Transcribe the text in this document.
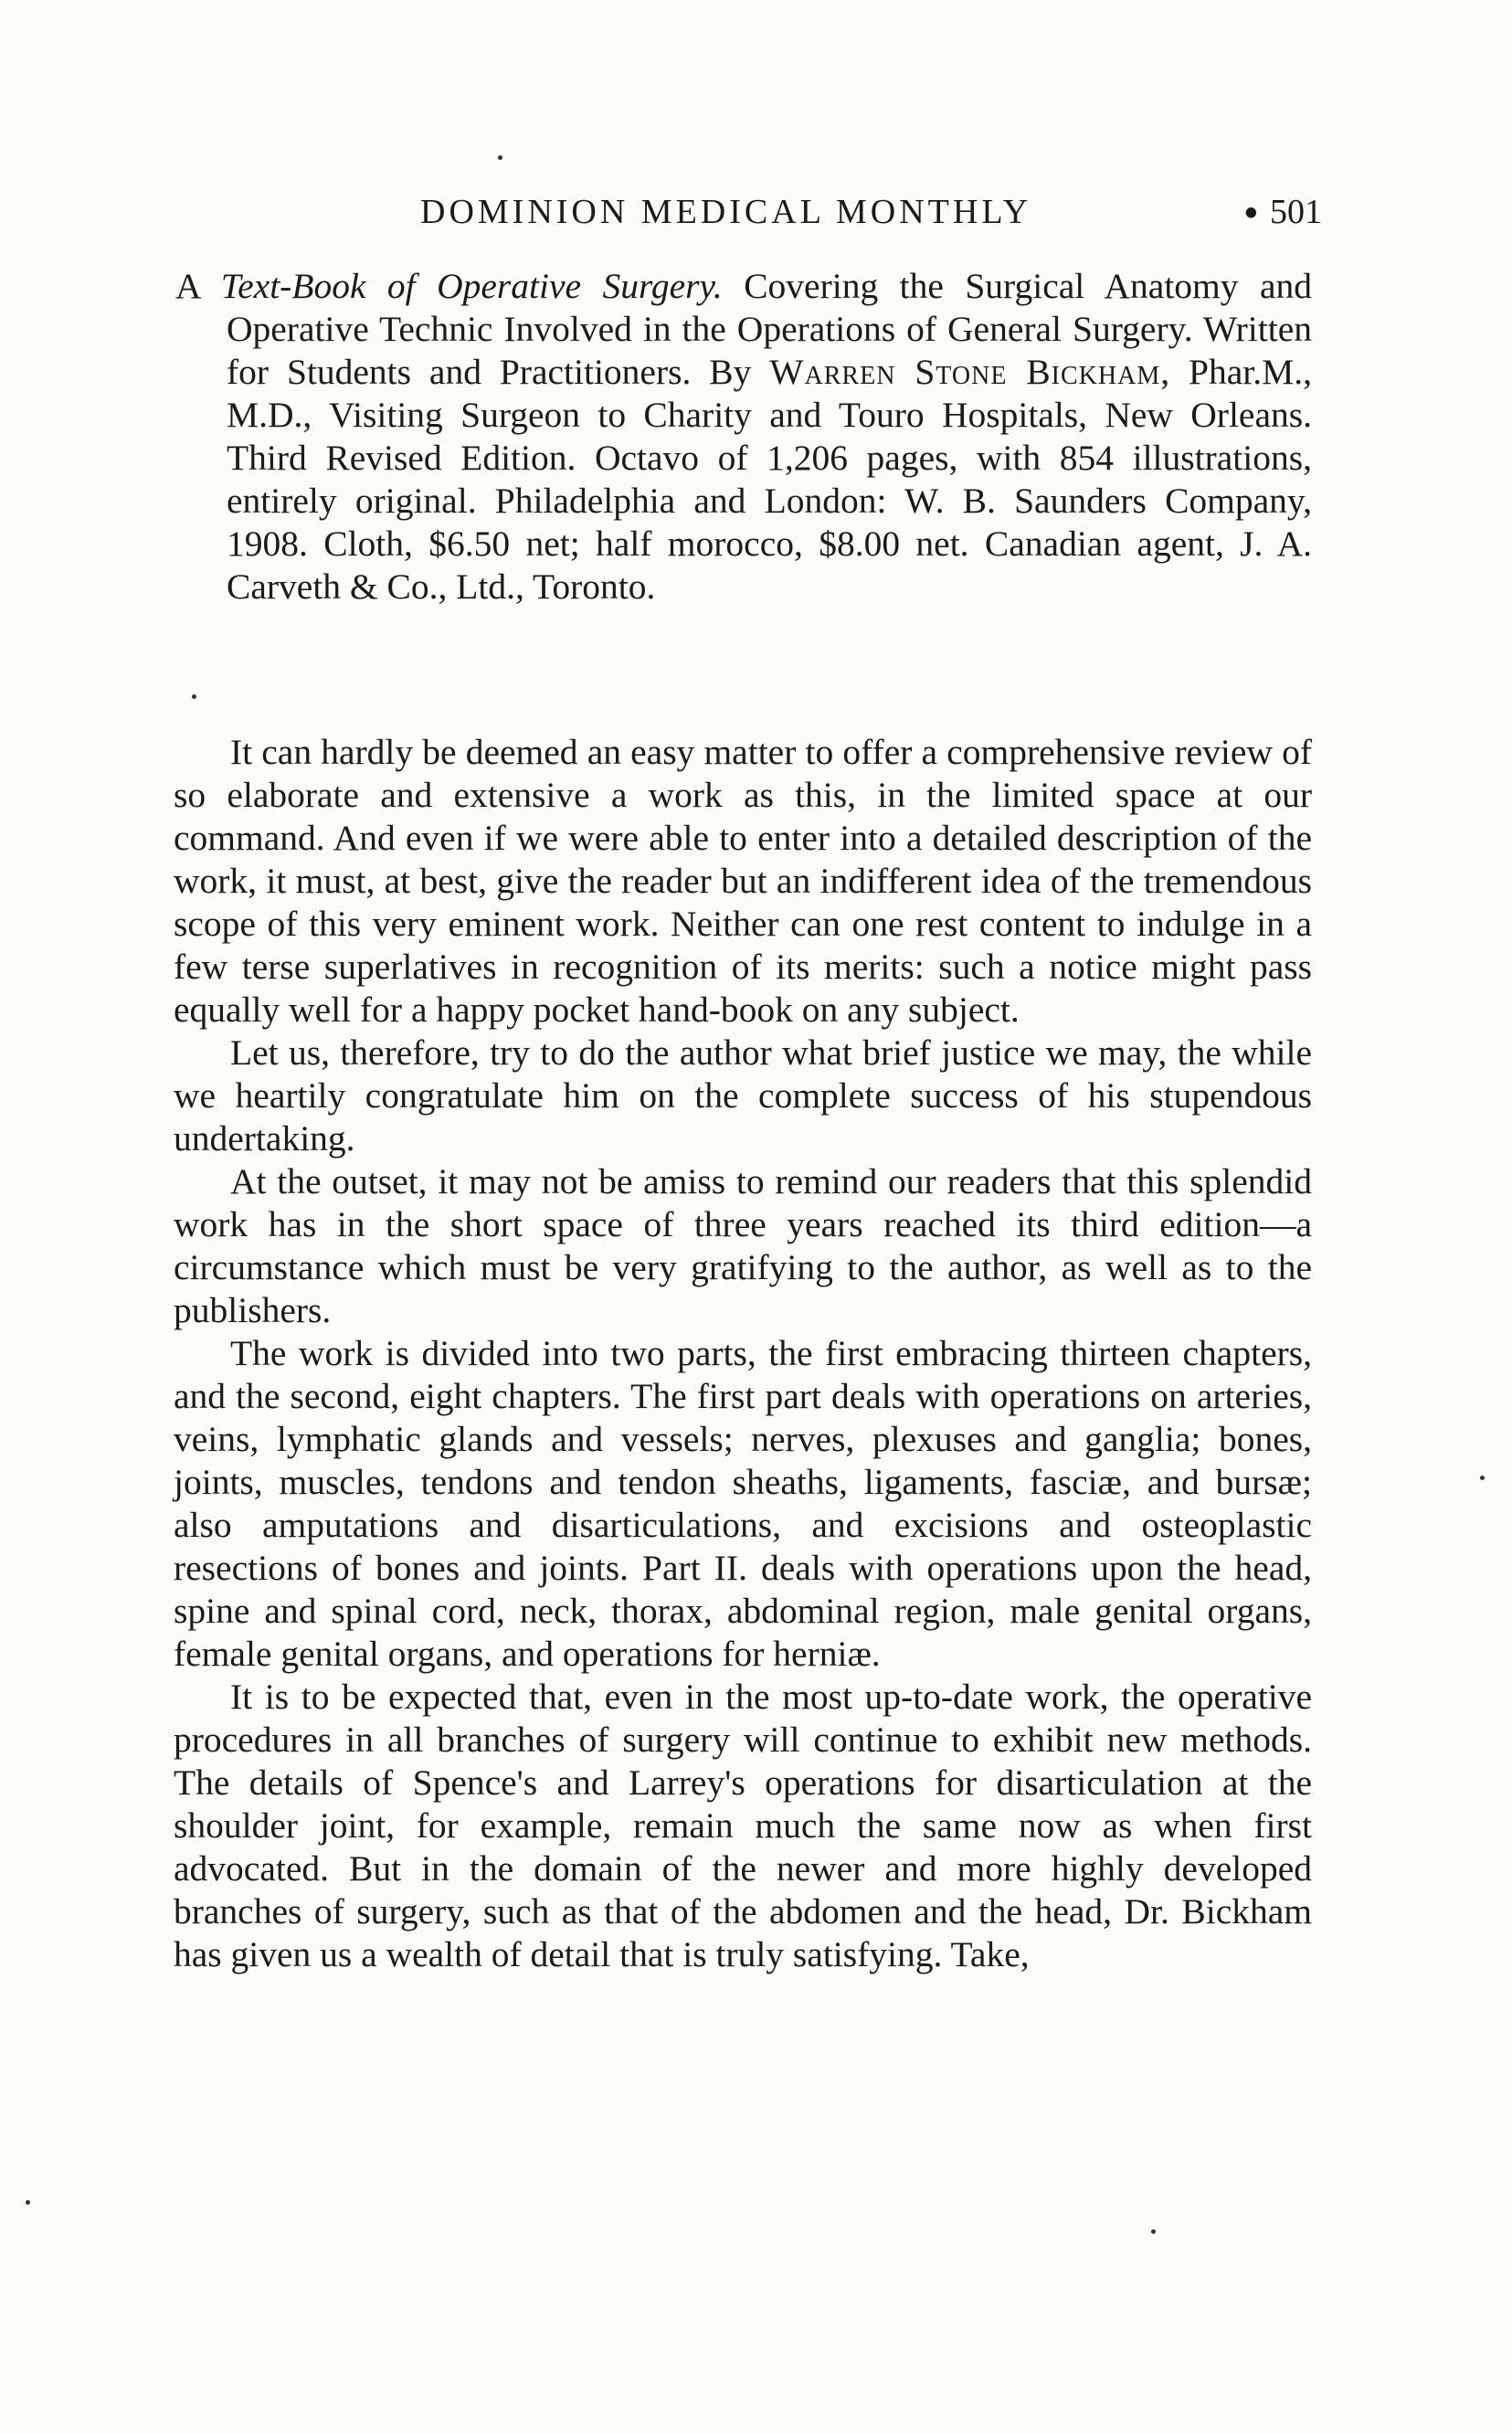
DOMINION MEDICAL MONTHLY	• 501
A Text-Book of Operative Surgery. Covering the Surgical Anatomy and Operative Technic Involved in the Operations of General Surgery. Written for Students and Practitioners. By Warren Stone Bickham, Phar.M., M.D., Visiting Surgeon to Charity and Touro Hospitals, New Orleans. Third Revised Edition. Octavo of 1,206 pages, with 854 illustrations, entirely original. Philadelphia and London: W. B. Saunders Company, 1908. Cloth, $6.50 net; half morocco, $8.00 net. Canadian agent, J. A. Carveth & Co., Ltd., Toronto.

It can hardly be deemed an easy matter to offer a comprehensive review of so elaborate and extensive a work as this, in the limited space at our command. And even if we were able to enter into a detailed description of the work, it must, at best, give the reader but an indifferent idea of the tremendous scope of this very eminent work. Neither can one rest content to indulge in a few terse superlatives in recognition of its merits: such a notice might pass equally well for a happy pocket hand-book on any subject.

Let us, therefore, try to do the author what brief justice we may, the while we heartily congratulate him on the complete success of his stupendous undertaking.

At the outset, it may not be amiss to remind our readers that this splendid work has in the short space of three years reached its third edition—a circumstance which must be very gratifying to the author, as well as to the publishers.

The work is divided into two parts, the first embracing thirteen chapters, and the second, eight chapters. The first part deals with operations on arteries, veins, lymphatic glands and vessels; nerves, plexuses and ganglia; bones, joints, muscles, tendons and tendon sheaths, ligaments, fasciæ, and bursæ; also amputations and disarticulations, and excisions and osteoplastic resections of bones and joints. Part II. deals with operations upon the head, spine and spinal cord, neck, thorax, abdominal region, male genital organs, female genital organs, and operations for herniæ.

It is to be expected that, even in the most up-to-date work, the operative procedures in all branches of surgery will continue to exhibit new methods. The details of Spence's and Larrey's operations for disarticulation at the shoulder joint, for example, remain much the same now as when first advocated. But in the domain of the newer and more highly developed branches of surgery, such as that of the abdomen and the head, Dr. Bickham has given us a wealth of detail that is truly satisfying. Take,
